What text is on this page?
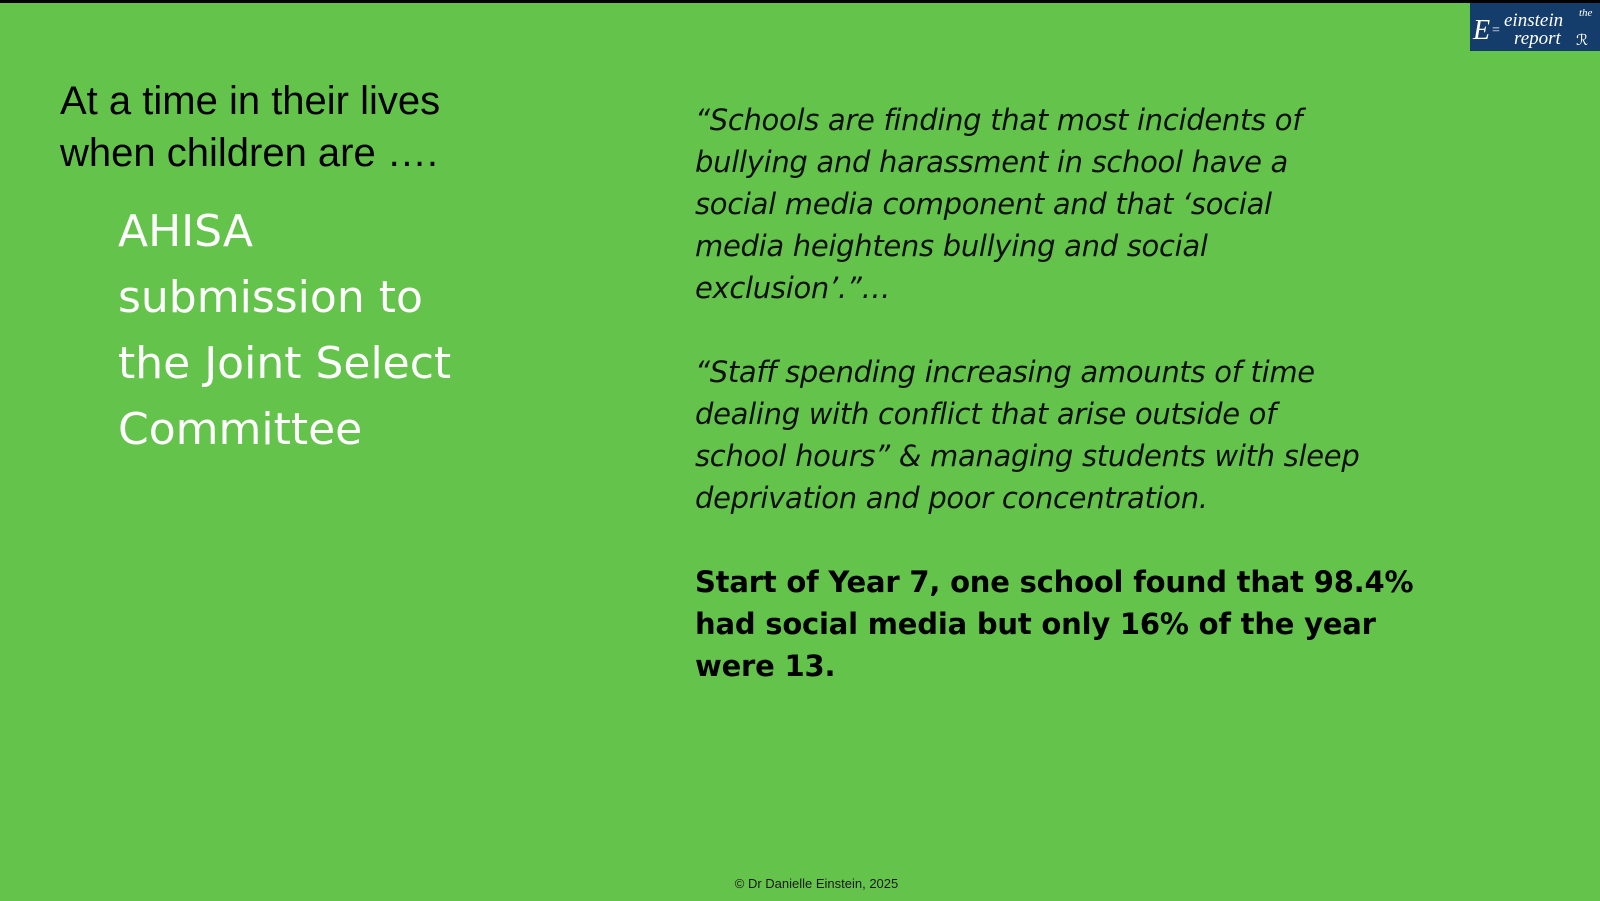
At a time in their lives
when children are ….
AHISA
submission to
the Joint Select
Committee

“Schools are finding that most incidents of
bullying and harassment in school have a
social media component and that ‘social
media heightens bullying and social
exclusion’.”…

“Staff spending increasing amounts of time
dealing with conflict that arise outside of
school hours” & managing students with sleep
deprivation and poor concentration.

Start of Year 7, one school found that 98.4%
had social media but only 16% of the year
were 13.

© Dr Danielle Einstein, 2025

E = einstein the
report ℛ
